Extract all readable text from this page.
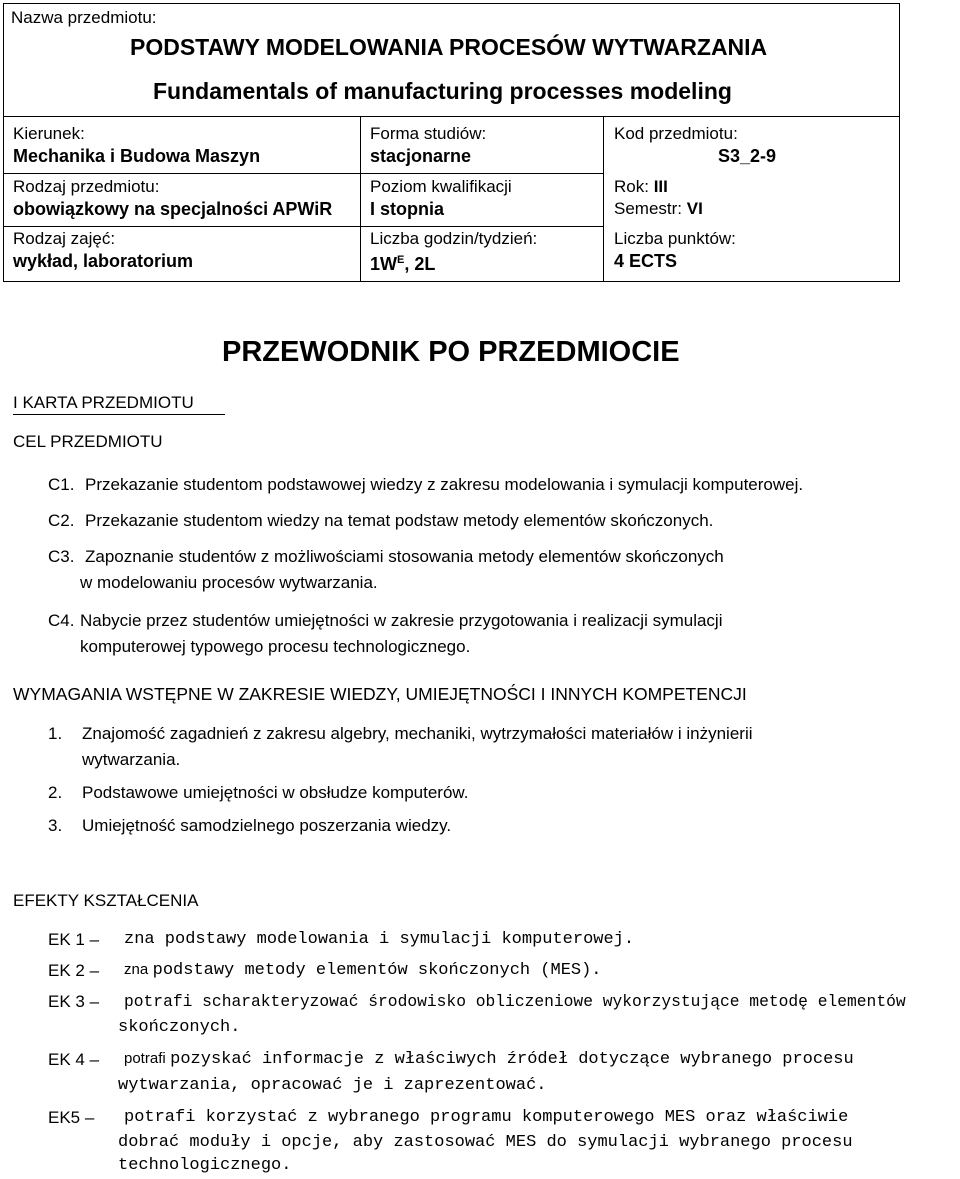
Nazwa przedmiotu:
PODSTAWY MODELOWANIA PROCESÓW WYTWARZANIA
Fundamentals of manufacturing processes modeling
Kierunek:
Mechanika i Budowa Maszyn
Rodzaj przedmiotu:
obowiązkowy na specjalności APWiR
Rodzaj zajęć:
wykład, laboratorium
Forma studiów:
stacjonarne
Poziom kwalifikacji
I stopnia
Liczba godzin/tydzień:
$1W^E$, 2L
Kod przedmiotu:
S3_2-9
Rok: III
Semestr: VI
Liczba punktów:
4 ECTS
PRZEWODNIK PO PRZEDMIOCIE
I KARTA PRZEDMIOTU
CEL PRZEDMIOTU
C1. Przekazanie studentom podstawowej wiedzy z zakresu modelowania i symulacji komputerowej.
C2. Przekazanie studentom wiedzy na temat podstaw metody elementów skończonych.
C3. Zapoznanie studentów z możliwościami stosowania metody elementów skończonych
w modelowaniu procesów wytwarzania.
C4. Nabycie przez studentów umiejętności w zakresie przygotowania i realizacji symulacji
komputerowej typowego procesu technologicznego.
WYMAGANIA WSTĘPNE W ZAKRESIE WIEDZY, UMIEJĘTNOŚCI I INNYCH KOMPETENCJI
1. Znajomość zagadnień z zakresu algebry, mechaniki, wytrzymałości materiałów i inżynierii
wytwarzania.
2. Podstawowe umiejętności w obsłudze komputerów.
3. Umiejętność samodzielnego poszerzania wiedzy.
EFEKTY KSZTAŁCENIA
EK 1 – zna podstawy modelowania i symulacji komputerowej.
EK 2 – zna podstawy metody elementów skończonych (MES).
EK 3 – potrafi scharakteryzować środowisko obliczeniowe wykorzystujące metodę elementów
skończonych.
EK 4 – potrafi pozyskać informacje z właściwych źródeł dotyczące wybranego procesu
wytwarzania, opracować je i zaprezentować.
EK5 – potrafi korzystać z wybranego programu komputerowego MES oraz właściwie
dobrać moduły i opcje, aby zastosować MES do symulacji wybranego procesu
technologicznego.
